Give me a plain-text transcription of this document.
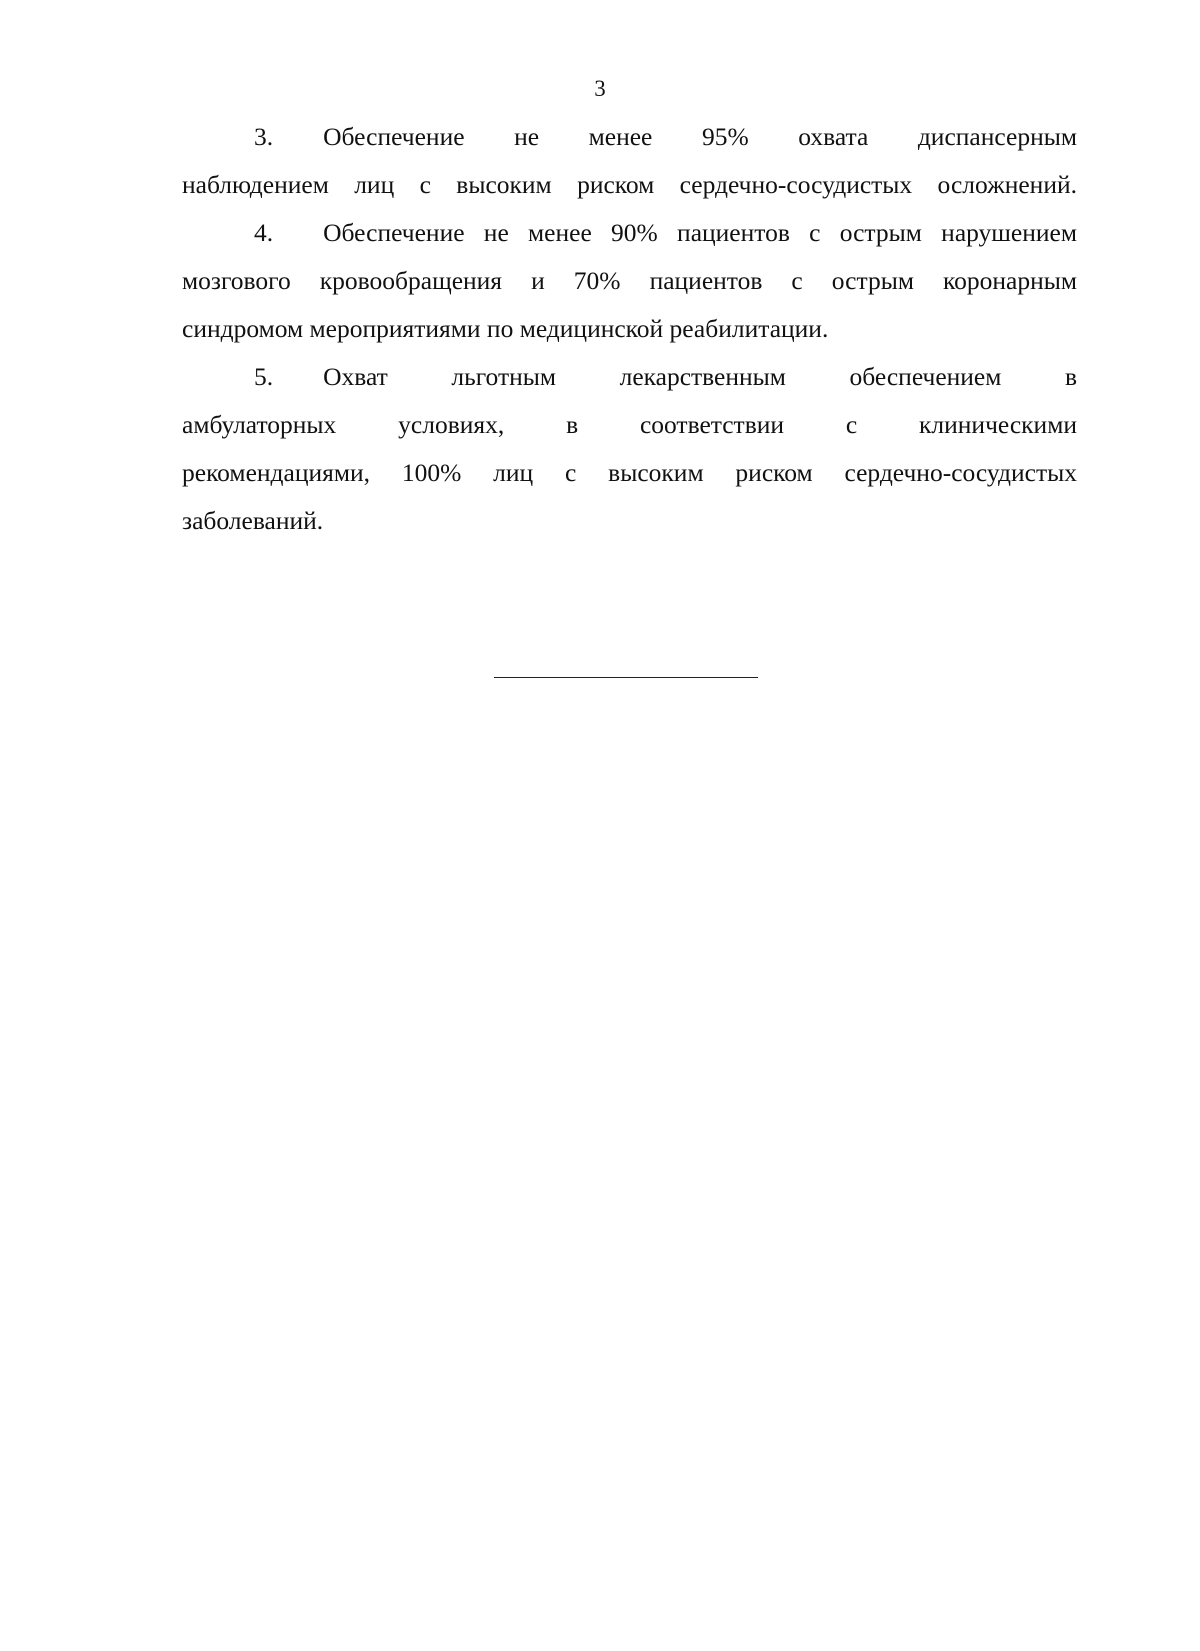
3
3. Обеспечение не менее 95% охвата диспансерным
наблюдением лиц с высоким риском сердечно-сосудистых осложнений.
4. Обеспечение не менее 90% пациентов с острым нарушением
мозгового кровообращения и 70% пациентов с острым коронарным
синдромом мероприятиями по медицинской реабилитации.
5. Охват льготным лекарственным обеспечением в
амбулаторных условиях, в соответствии с клиническими
рекомендациями, 100% лиц с высоким риском сердечно-сосудистых
заболеваний.
